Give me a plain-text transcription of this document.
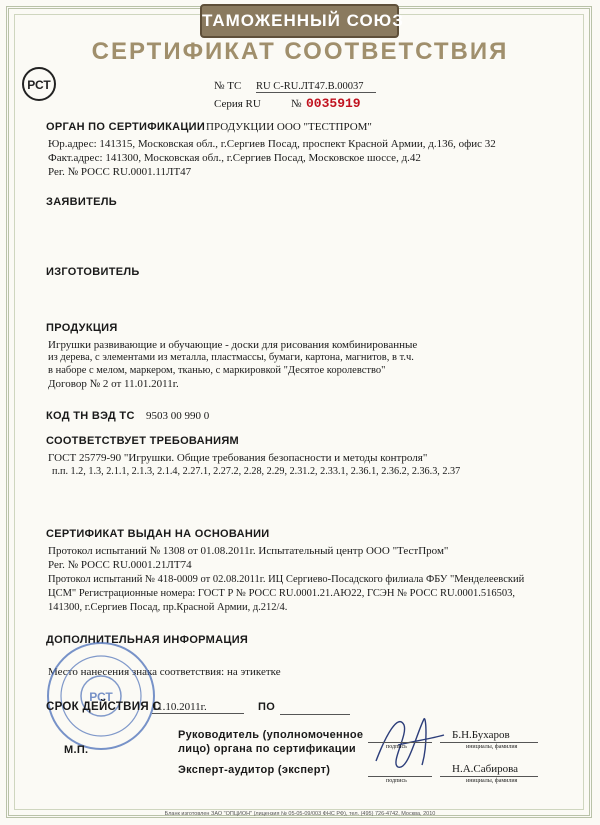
ТАМОЖЕННЫЙ СОЮЗ
СЕРТИФИКАТ СООТВЕТСТВИЯ
РСТ	№ ТС RU C-RU.ЛТ47.В.00037
Серия RU	№ 0035919
ОРГАН ПО СЕРТИФИКАЦИИ ПРОДУКЦИИ ООО "ТЕСТПРОМ"
Юр.адрес: 141315, Московская обл., г.Сергиев Посад, проспект Красной Армии, д.136, офис 32
Факт.адрес: 141300, Московская обл., г.Сергиев Посад, Московское шоссе, д.42
Рег. № РОСС RU.0001.11ЛТ47
ЗАЯВИТЕЛЬ
ИЗГОТОВИТЕЛЬ
ПРОДУКЦИЯ
Игрушки развивающие и обучающие - доски для рисования комбинированные
из дерева, с элементами из металла, пластмассы, бумаги, картона, магнитов, в т.ч.
в наборе с мелом, маркером, тканью, с маркировкой "Десятое королевство"
Договор № 2 от 11.01.2011г.
КОД ТН ВЭД ТС 9503 00 990 0
СООТВЕТСТВУЕТ ТРЕБОВАНИЯМ
ГОСТ 25779-90 "Игрушки. Общие требования безопасности и методы контроля"
п.п. 1.2, 1.3, 2.1.1, 2.1.3, 2.1.4, 2.27.1, 2.27.2, 2.28, 2.29, 2.31.2, 2.33.1, 2.36.1, 2.36.2, 2.36.3, 2.37
СЕРТИФИКАТ ВЫДАН НА ОСНОВАНИИ
Протокол испытаний № 1308 от 01.08.2011г. Испытательный центр ООО "ТестПром"
Рег. № РОСС RU.0001.21ЛТ74
Протокол испытаний № 418-0009 от 02.08.2011г. ИЦ Сергиево-Посадского филиала ФБУ "Менделеевский
ЦСМ" Регистрационные номера: ГОСТ Р № РОСС RU.0001.21.АЮ22, ГСЭН № РОСС RU.0001.516503,
141300, г.Сергиев Посад, пр.Красной Армии, д.212/4.
ДОПОЛНИТЕЛЬНАЯ ИНФОРМАЦИЯ
Место нанесения знака соответствия: на этикетке
РСТ
СРОК ДЕЙСТВИЯ С
11.10.2011г.	ПО
М.П.
Руководитель (уполномоченное
лицо) органа по сертификации
Эксперт-аудитор (эксперт)
подпись
Б.Н.Бухаров
инициалы, фамилия
подпись
Н.А.Сабирова
инициалы, фамилия
Бланк изготовлен ЗАО "ОПЦИОН" (лицензия № 05-05-09/003 ФНС РФ), тел. (495) 726-4742, Москва, 2010
